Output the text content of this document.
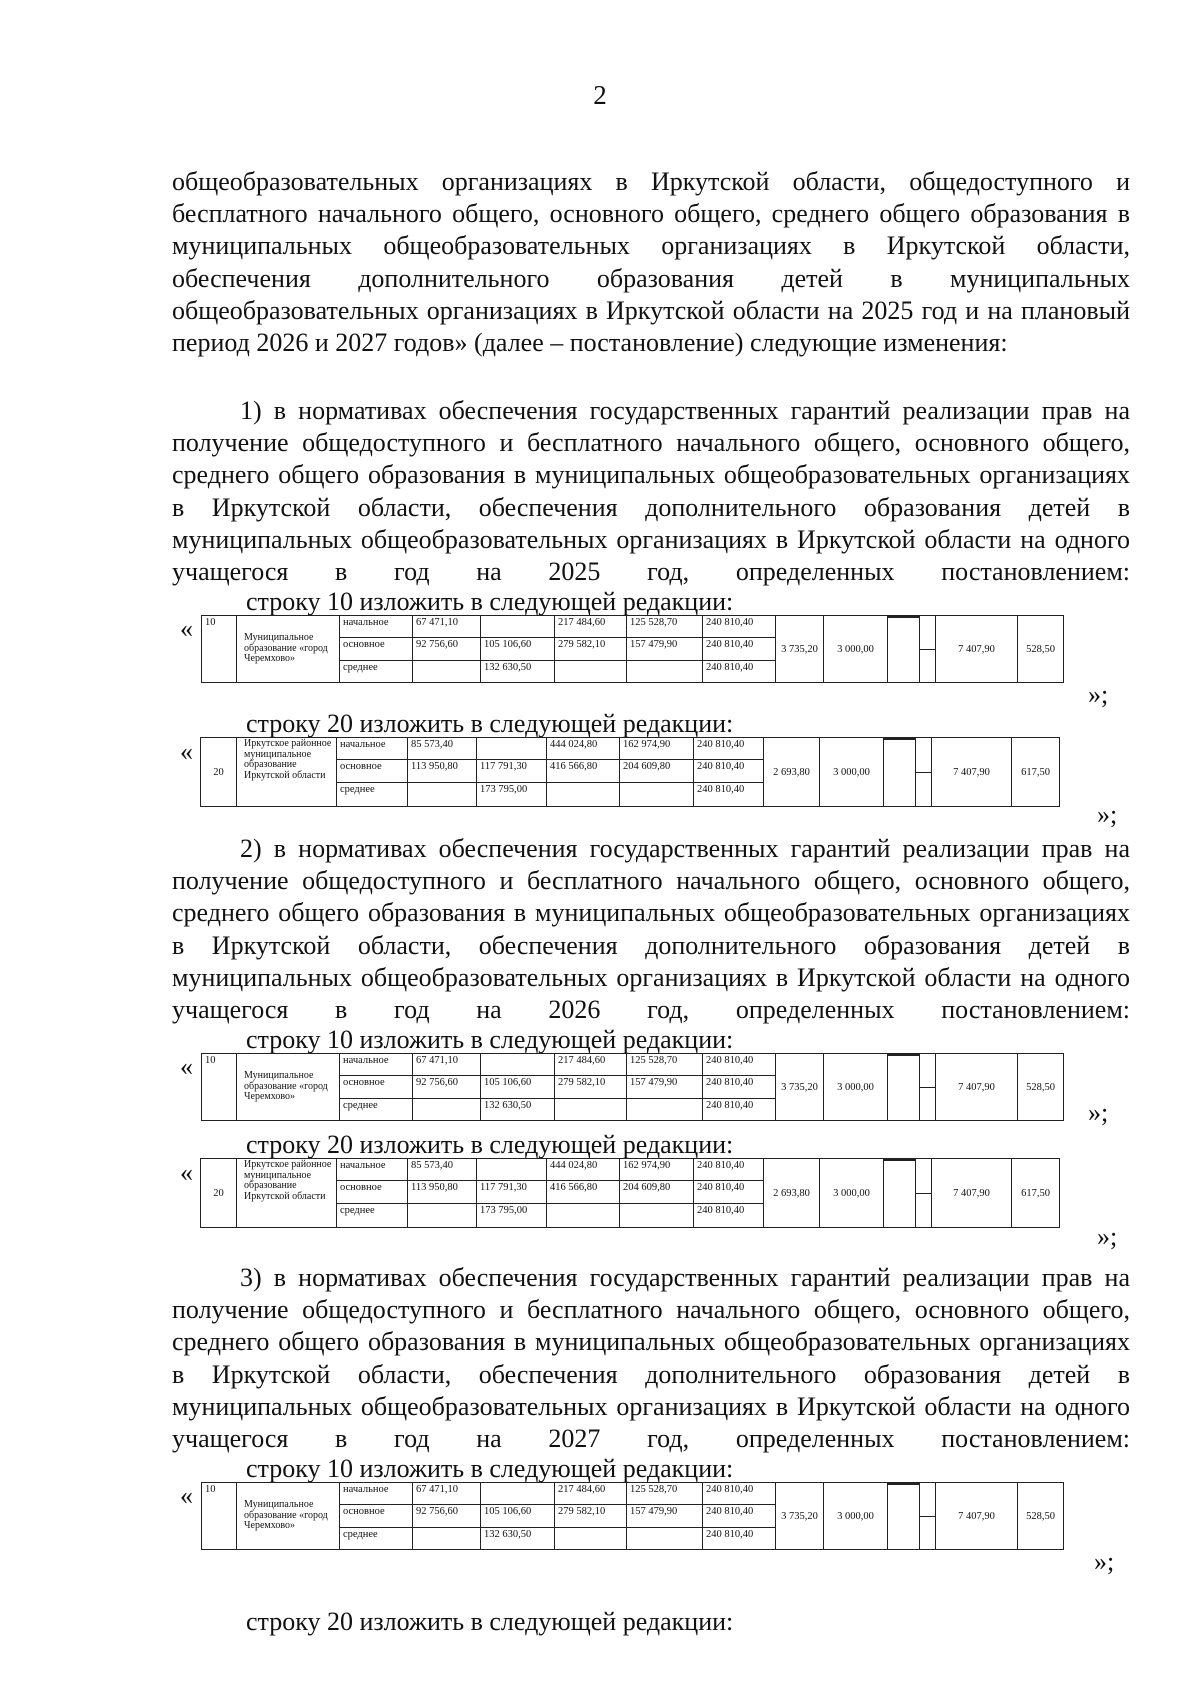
2

общеобразовательных организациях в Иркутской области, общедоступного и бесплатного начального общего, основного общего, среднего общего образования в муниципальных общеобразовательных организациях в Иркутской области, обеспечения дополнительного образования детей в муниципальных общеобразовательных организациях в Иркутской области на 2025 год и на плановый период 2026 и 2027 годов» (далее – постановление) следующие изменения:

1) в нормативах обеспечения государственных гарантий реализации прав на получение общедоступного и бесплатного начального общего, основного общего, среднего общего образования в муниципальных общеобразовательных организациях в Иркутской области, обеспечения дополнительного образования детей в муниципальных общеобразовательных организациях в Иркутской области на одного учащегося в год на 2025 год, определенных постановлением:

строку 10 изложить в следующей редакции:
« 10	Муниципальное образование «город Черемхово»	начальное	67 471,10		217 484,60	125 528,70	240 810,40	3 735,20	3 000,00			7 407,90	528,50
		основное	92 756,60	105 106,60	279 582,10	157 479,90	240 810,40						
		среднее		132 630,50			240 810,40						
»;
строку 20 изложить в следующей редакции:
«
20	Иркутское районное муниципальное образование Иркутской области	начальное	85 573,40		444 024,80	162 974,90	240 810,40	2 693,80	3 000,00			7 407,90	617,50
		основное	113 950,80	117 791,30	416 566,80	204 609,80	240 810,40						
		среднее		173 795,00			240 810,40						
»;

2) в нормативах обеспечения государственных гарантий реализации прав на получение общедоступного и бесплатного начального общего, основного общего, среднего общего образования в муниципальных общеобразовательных организациях в Иркутской области, обеспечения дополнительного образования детей в муниципальных общеобразовательных организациях в Иркутской области на одного учащегося в год на 2026 год, определенных постановлением:

строку 10 изложить в следующей редакции:
« 10	Муниципальное образование «город Черемхово»	начальное	67 471,10		217 484,60	125 528,70	240 810,40	3 735,20	3 000,00			7 407,90	528,50
		основное	92 756,60	105 106,60	279 582,10	157 479,90	240 810,40						
		среднее		132 630,50			240 810,40							»;
строку 20 изложить в следующей редакции:
«
20	Иркутское районное муниципальное образование Иркутской области	начальное	85 573,40		444 024,80	162 974,90	240 810,40	2 693,80	3 000,00			7 407,90	617,50
		основное	113 950,80	117 791,30	416 566,80	204 609,80	240 810,40						
		среднее		173 795,00			240 810,40						
»;

3) в нормативах обеспечения государственных гарантий реализации прав на получение общедоступного и бесплатного начального общего, основного общего, среднего общего образования в муниципальных общеобразовательных организациях в Иркутской области, обеспечения дополнительного образования детей в муниципальных общеобразовательных организациях в Иркутской области на одного учащегося в год на 2027 год, определенных постановлением:

строку 10 изложить в следующей редакции:
« 10	Муниципальное образование «город Черемхово»	начальное	67 471,10		217 484,60	125 528,70	240 810,40	3 735,20	3 000,00			7 407,90	528,50
		основное	92 756,60	105 106,60	279 582,10	157 479,90	240 810,40						
		среднее		132 630,50			240 810,40						
»;
строку 20 изложить в следующей редакции:
